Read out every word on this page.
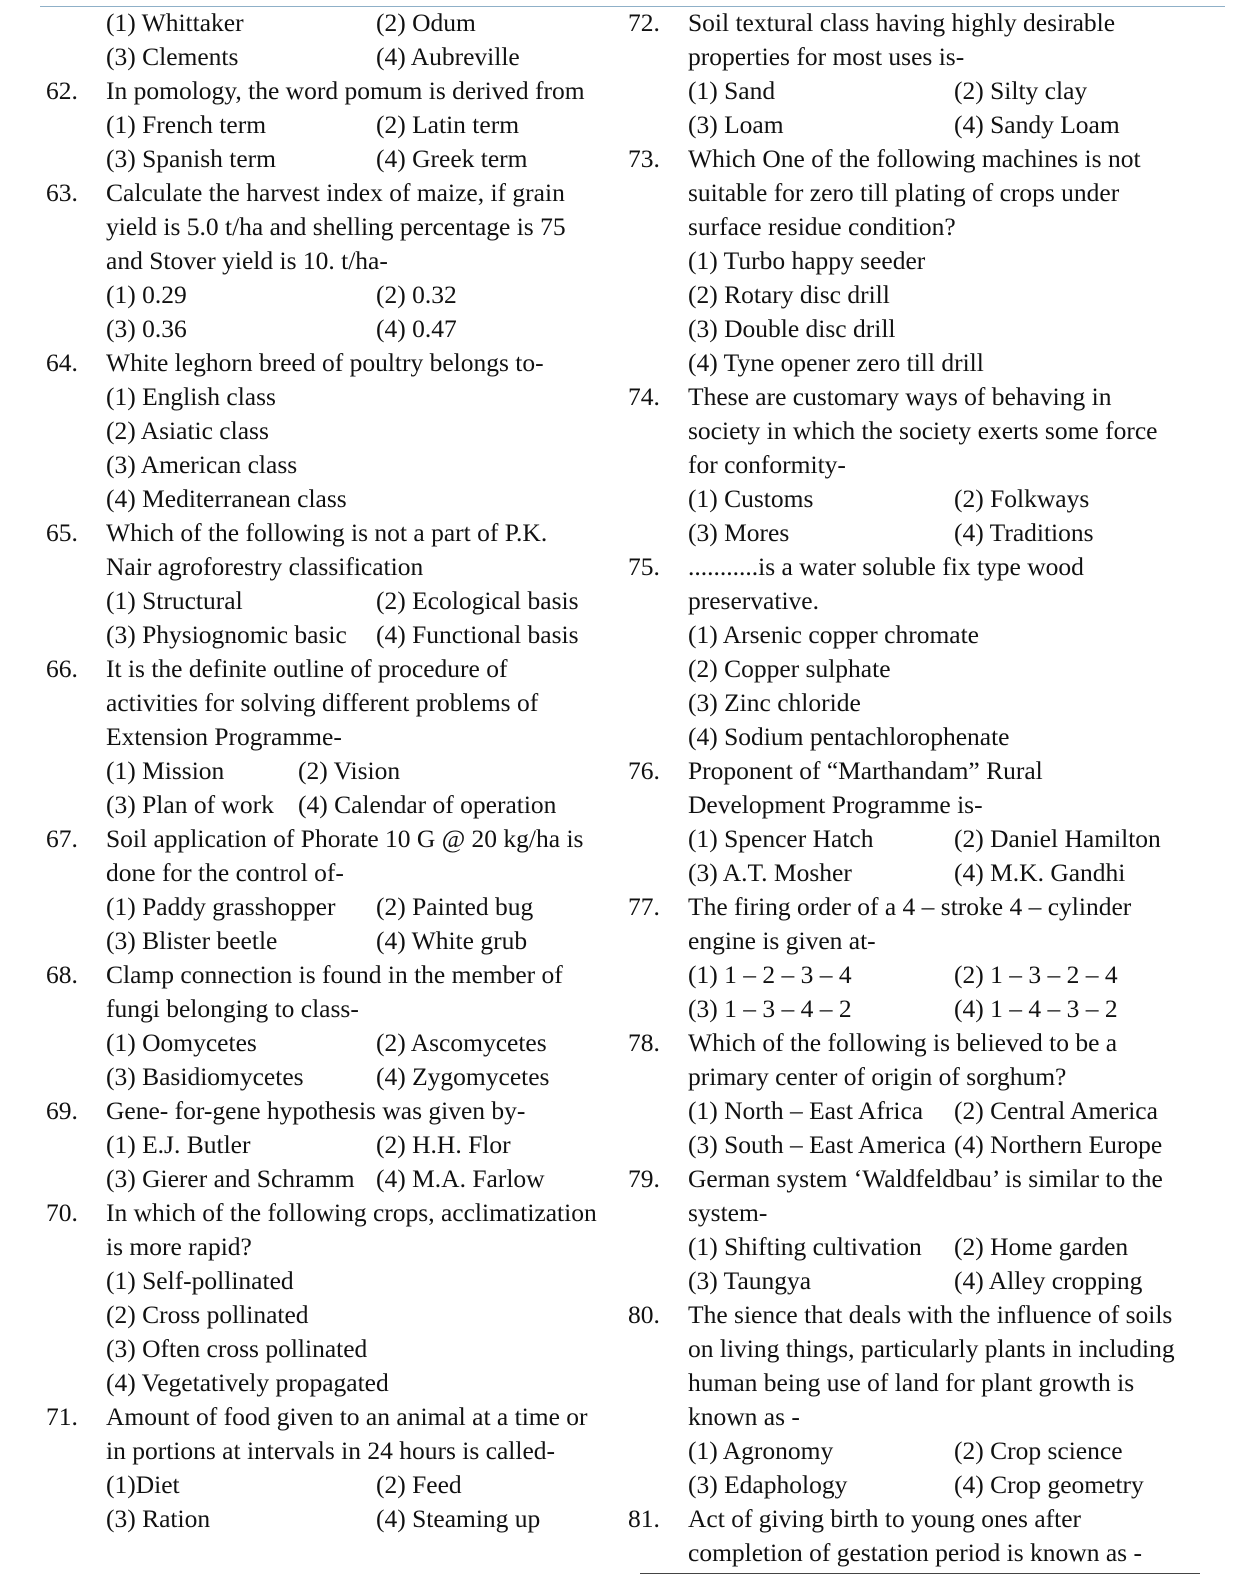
(1) Whittaker	(2) Odum
(3) Clements	(4) Aubreville
62. In pomology, the word pomum is derived from
(1) French term	(2) Latin term
(3) Spanish term	(4) Greek term
63. Calculate the harvest index of maize, if grain
yield is 5.0 t/ha and shelling percentage is 75
and Stover yield is 10. t/ha-
(1) 0.29	(2) 0.32
(3) 0.36	(4) 0.47
64. White leghorn breed of poultry belongs to-
(1) English class
(2) Asiatic class
(3) American class
(4) Mediterranean class
65. Which of the following is not a part of P.K.
Nair agroforestry classification
(1) Structural	(2) Ecological basis
(3) Physiognomic basic (4) Functional basis
66. It is the definite outline of procedure of
activities for solving different problems of
Extension Programme-
(1) Mission	(2) Vision
(3) Plan of work (4) Calendar of operation
67. Soil application of Phorate 10 G @ 20 kg/ha is
done for the control of-
(1) Paddy grasshopper (2) Painted bug
(3) Blister beetle	(4) White grub
68. Clamp connection is found in the member of
fungi belonging to class-
(1) Oomycetes	(2) Ascomycetes
(3) Basidiomycetes	(4) Zygomycetes
69. Gene- for-gene hypothesis was given by-
(1) E.J. Butler	(2) H.H. Flor
(3) Gierer and Schramm (4) M.A. Farlow
70. In which of the following crops, acclimatization
is more rapid?
(1) Self-pollinated
(2) Cross pollinated
(3) Often cross pollinated
(4) Vegetatively propagated
71. Amount of food given to an animal at a time or
in portions at intervals in 24 hours is called-
(1)Diet	(2) Feed
(3) Ration	(4) Steaming up
72. Soil textural class having highly desirable
properties for most uses is-
(1) Sand	(2) Silty clay
(3) Loam	(4) Sandy Loam
73. Which One of the following machines is not
suitable for zero till plating of crops under
surface residue condition?
(1) Turbo happy seeder
(2) Rotary disc drill
(3) Double disc drill
(4) Tyne opener zero till drill
74. These are customary ways of behaving in
society in which the society exerts some force
for conformity-
(1) Customs	(2) Folkways
(3) Mores	(4) Traditions
75. ...........is a water soluble fix type wood
preservative.
(1) Arsenic copper chromate
(2) Copper sulphate
(3) Zinc chloride
(4) Sodium pentachlorophenate
76. Proponent of “Marthandam” Rural
Development Programme is-
(1) Spencer Hatch	(2) Daniel Hamilton
(3) A.T. Mosher	(4) M.K. Gandhi
77. The firing order of a 4 – stroke 4 – cylinder
engine is given at-
(1) 1 – 2 – 3 – 4	(2) 1 – 3 – 2 – 4
(3) 1 – 3 – 4 – 2	(4) 1 – 4 – 3 – 2
78. Which of the following is believed to be a
primary center of origin of sorghum?
(1) North – East Africa (2) Central America
(3) South – East America (4) Northern Europe
79. German system ‘Waldfeldbau’ is similar to the
system-
(1) Shifting cultivation (2) Home garden
(3) Taungya	(4) Alley cropping
80. The sience that deals with the influence of soils
on living things, particularly plants in including
human being use of land for plant growth is
known as -
(1) Agronomy	(2) Crop science
(3) Edaphology	(4) Crop geometry
81. Act of giving birth to young ones after
completion of gestation period is known as -
